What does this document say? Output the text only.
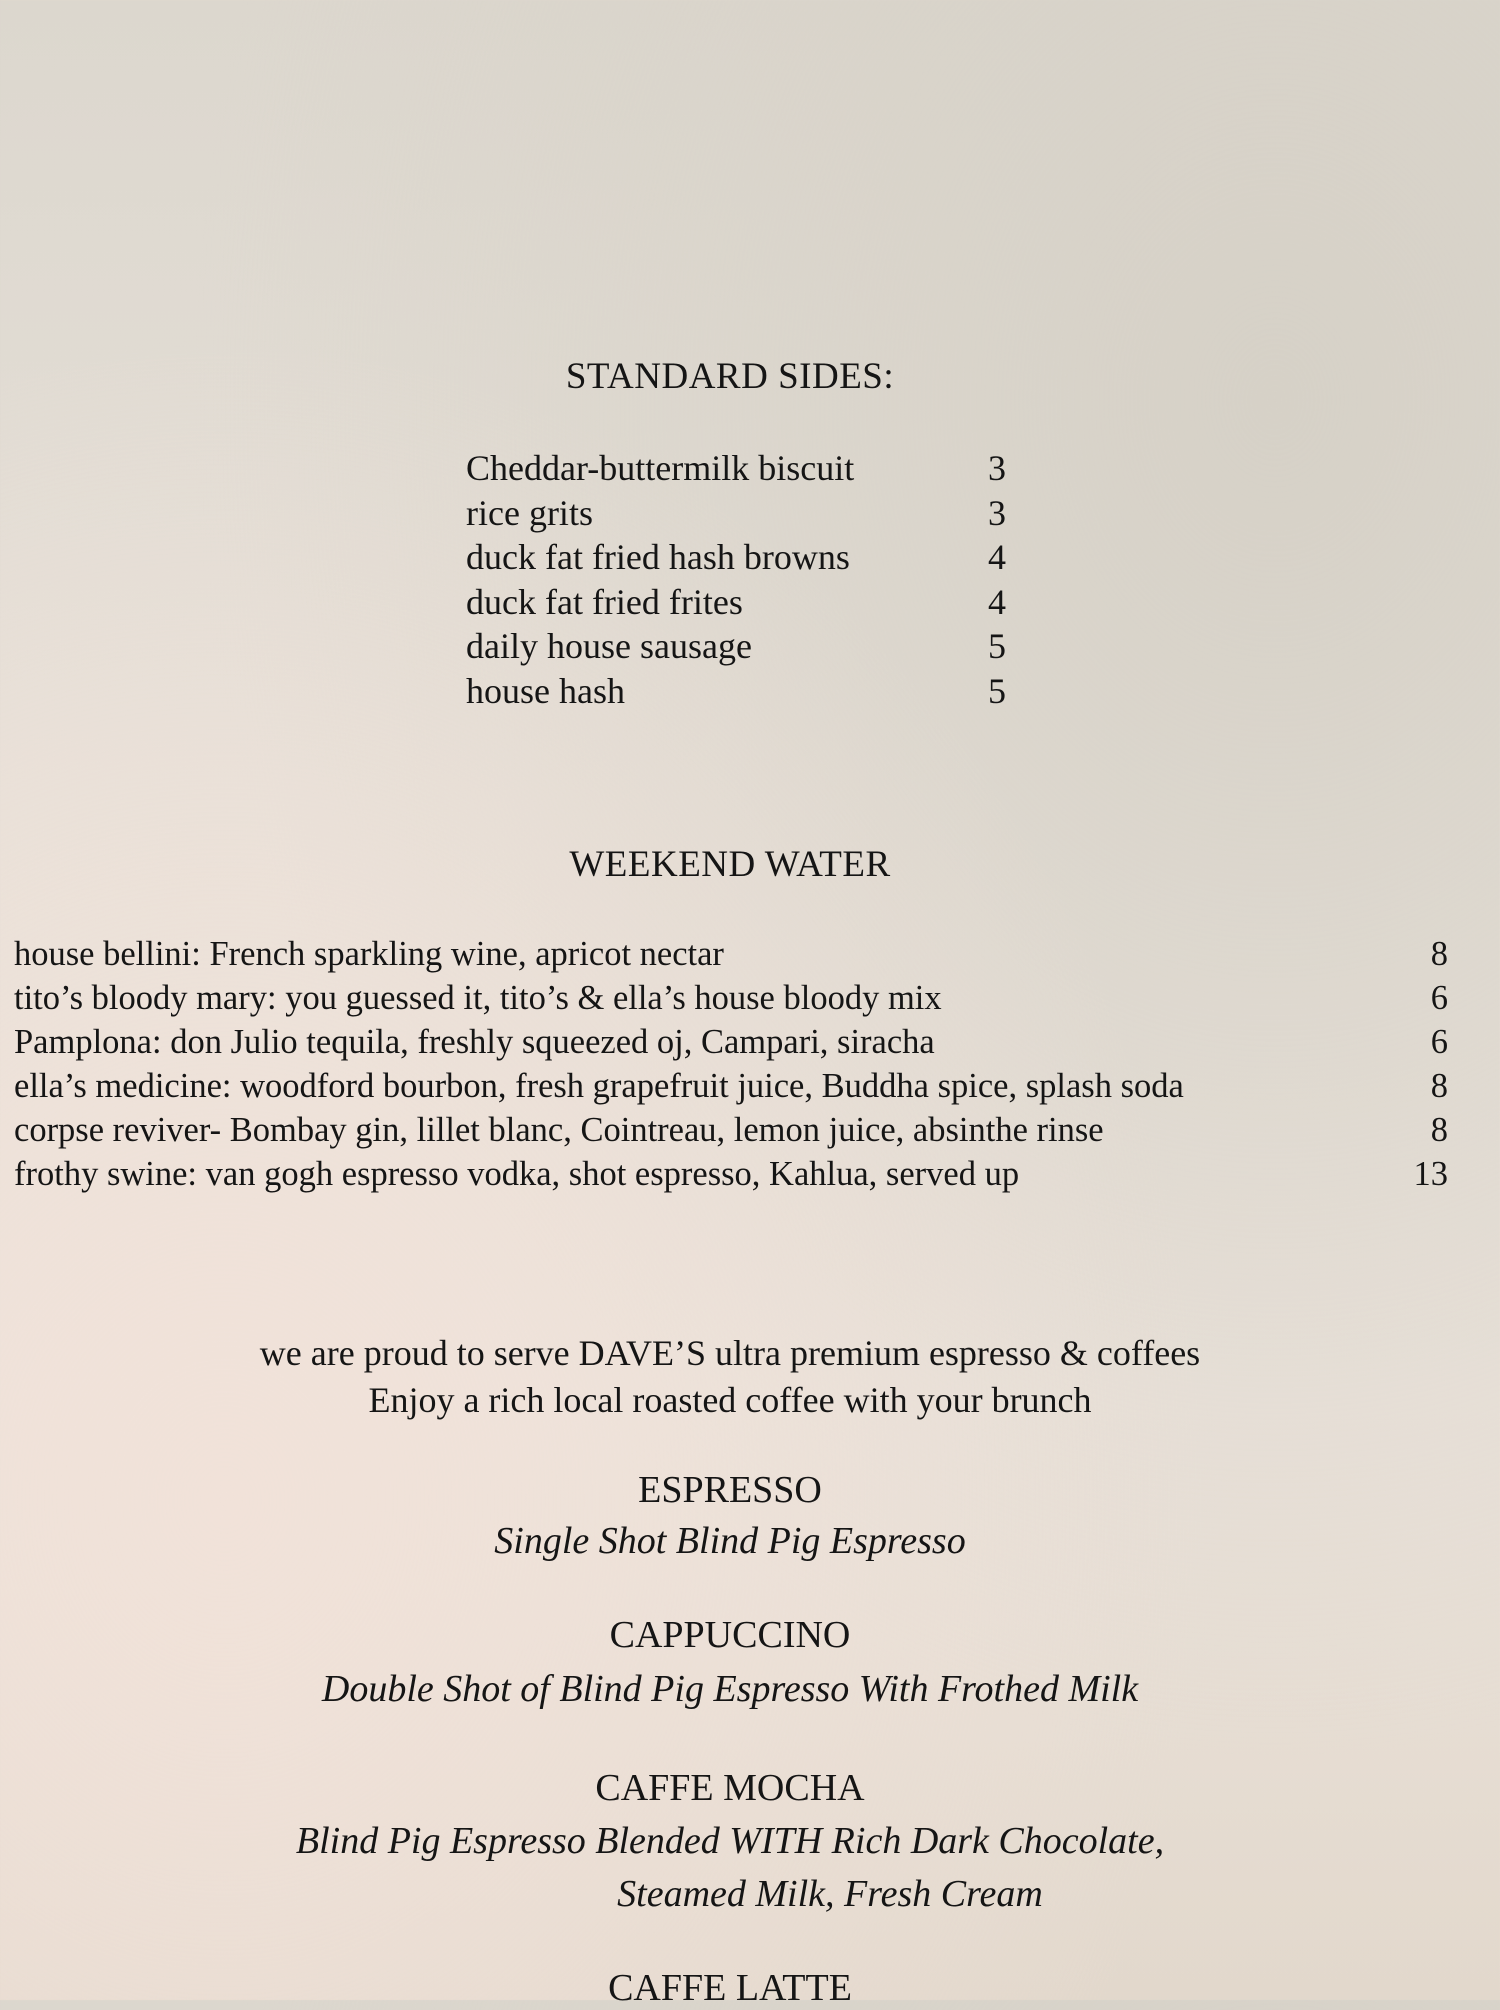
STANDARD SIDES:
Cheddar-buttermilk biscuit	3
rice grits	3
duck fat fried hash browns	4
duck fat fried frites	4
daily house sausage	5
house hash	5
WEEKEND WATER
house bellini: French sparkling wine, apricot nectar	8
tito’s bloody mary: you guessed it, tito’s & ella’s house bloody mix	6
Pamplona: don Julio tequila, freshly squeezed oj, Campari, siracha	6
ella’s medicine: woodford bourbon, fresh grapefruit juice, Buddha spice, splash soda	8
corpse reviver- Bombay gin, lillet blanc, Cointreau, lemon juice, absinthe rinse	8
frothy swine: van gogh espresso vodka, shot espresso, Kahlua, served up	13
we are proud to serve DAVE’S ultra premium espresso & coffees
Enjoy a rich local roasted coffee with your brunch
ESPRESSO
Single Shot Blind Pig Espresso
CAPPUCCINO
Double Shot of Blind Pig Espresso With Frothed Milk
CAFFE MOCHA
Blind Pig Espresso Blended WITH Rich Dark Chocolate,
Steamed Milk, Fresh Cream
CAFFE LATTE
